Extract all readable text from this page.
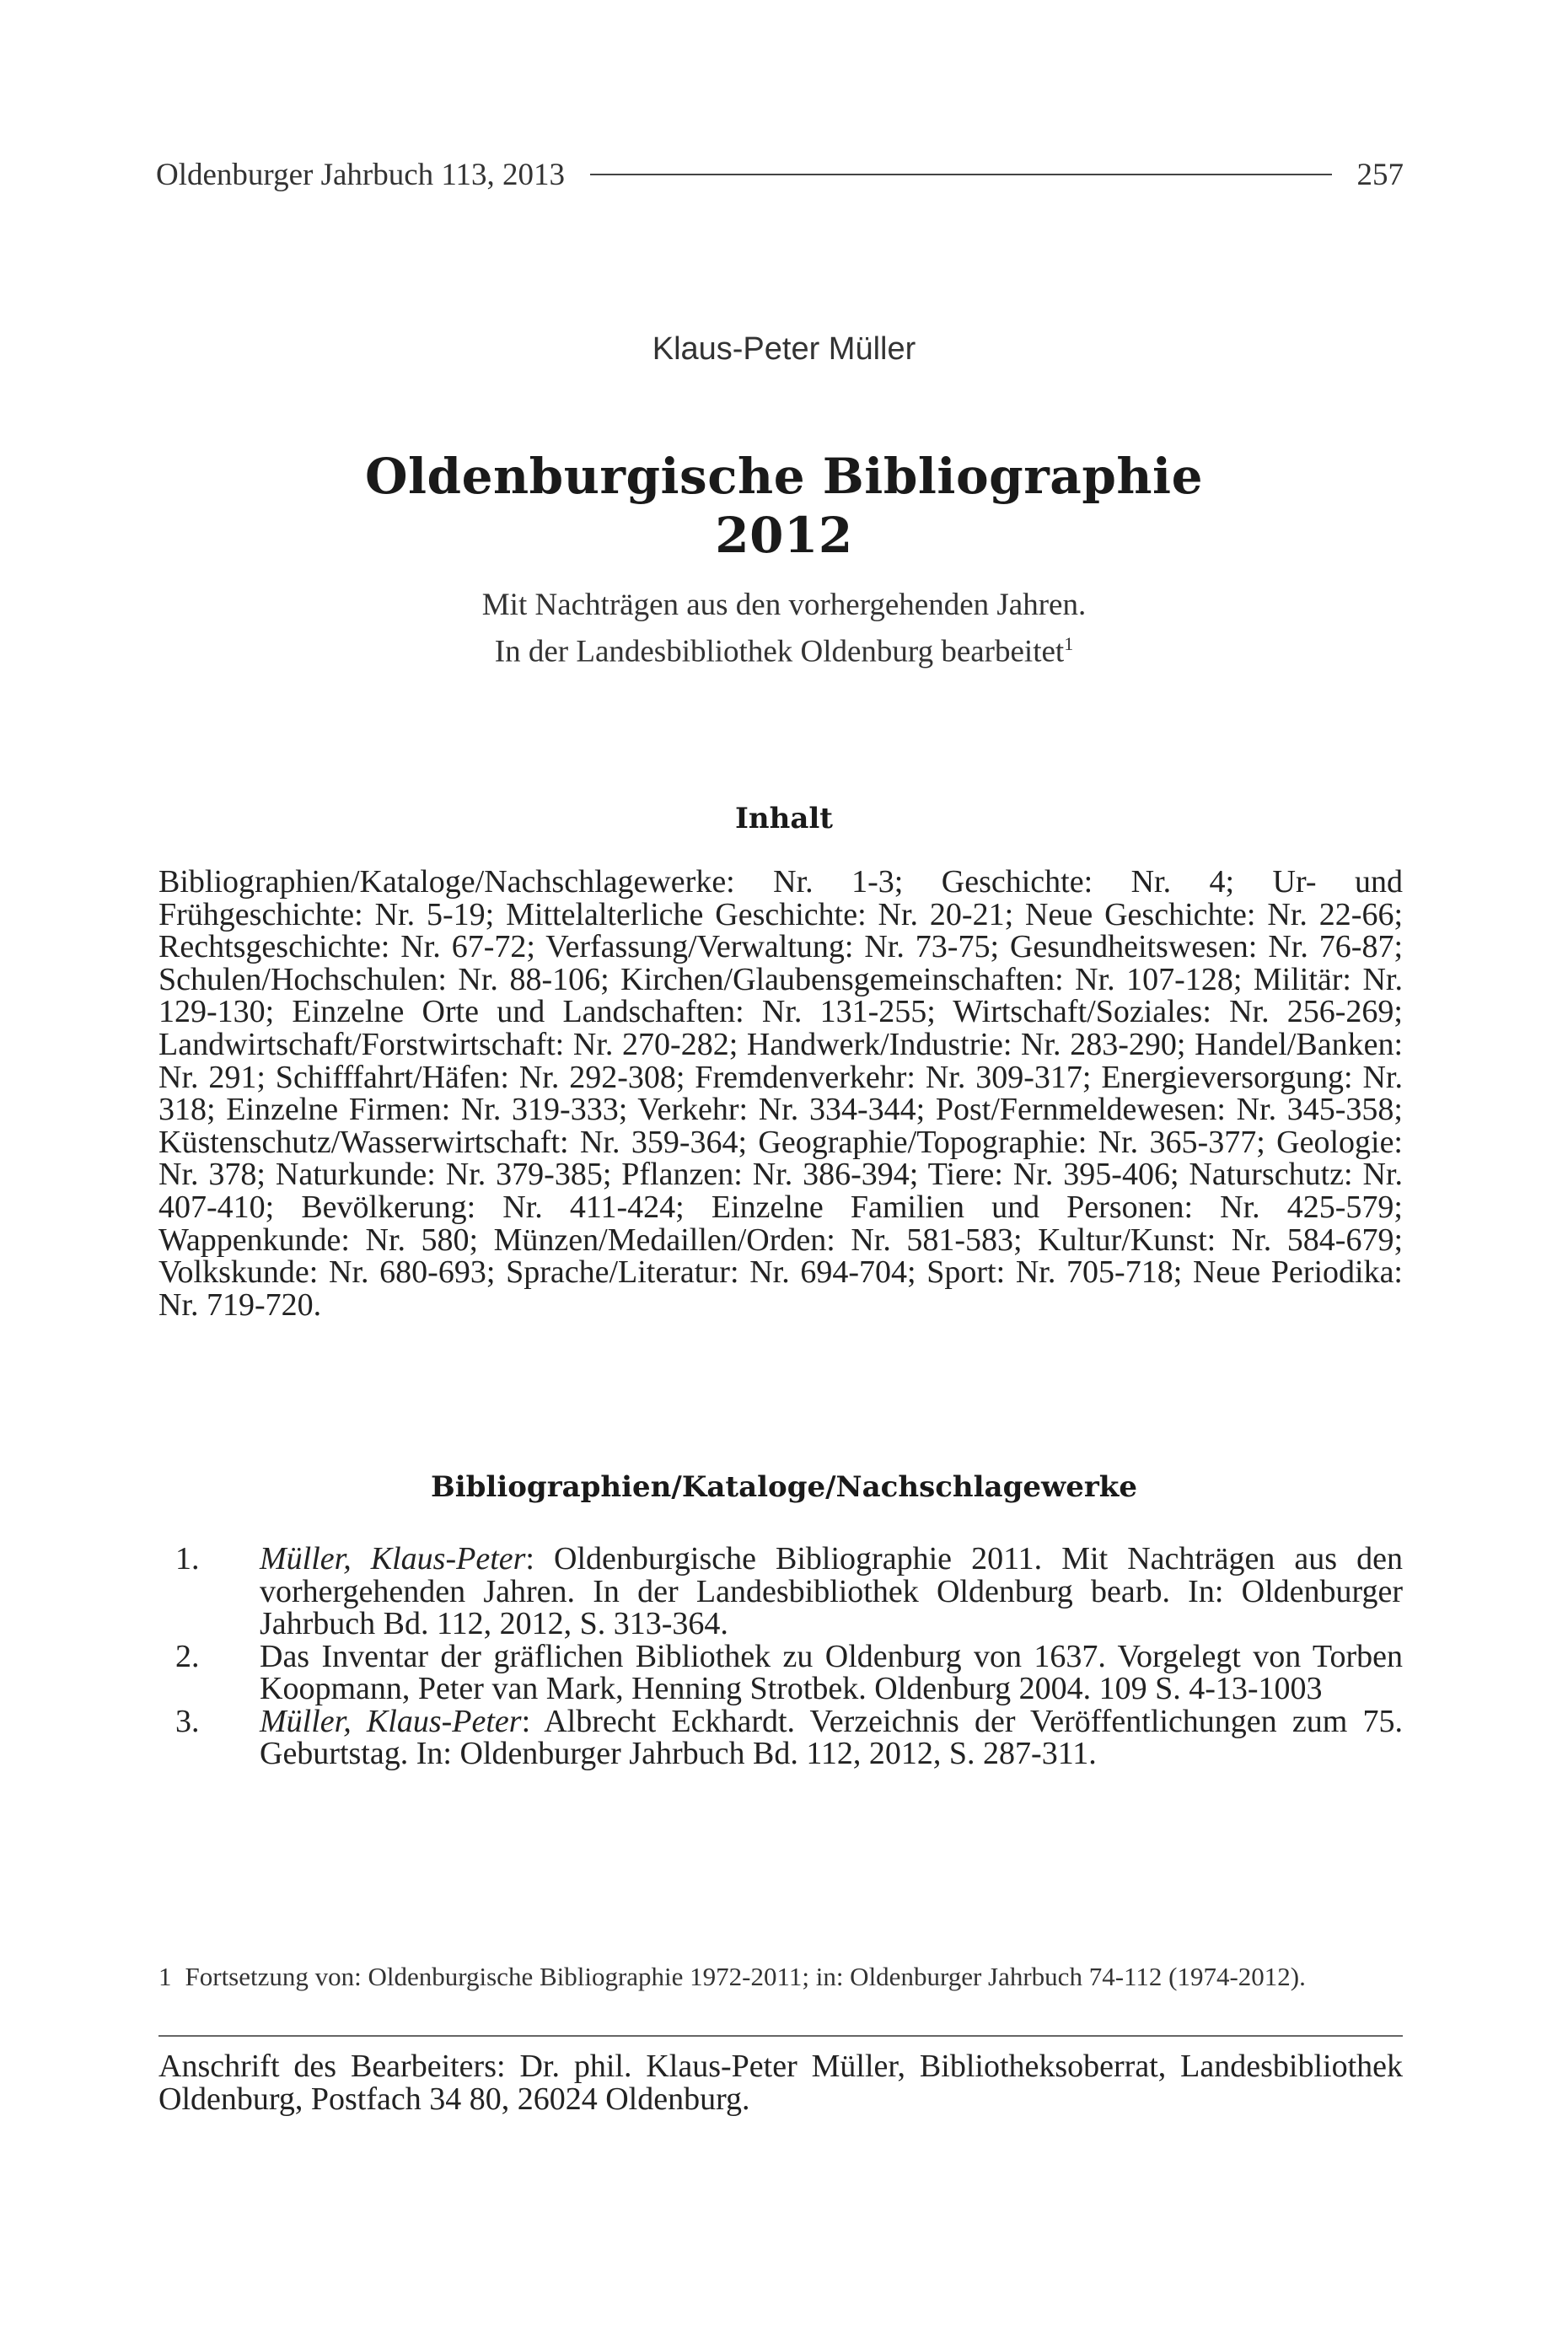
Oldenburger Jahrbuch 113, 2013	257
Klaus-Peter Müller
Oldenburgische Bibliographie
2012
Mit Nachträgen aus den vorhergehenden Jahren.
In der Landesbibliothek Oldenburg bearbeitet$^1$
Inhalt
Bibliographien/Kataloge/Nachschlagewerke: Nr. 1-3; Geschichte: Nr. 4; Ur- und Frühgeschichte: Nr. 5-19; Mittelalterliche Geschichte: Nr. 20-21; Neue Geschichte: Nr. 22-66; Rechtsgeschichte: Nr. 67-72; Verfassung/Verwaltung: Nr. 73-75; Gesundheitswesen: Nr. 76-87; Schulen/Hochschulen: Nr. 88-106; Kirchen/Glaubensgemeinschaften: Nr. 107-128; Militär: Nr. 129-130; Einzelne Orte und Landschaften: Nr. 131-255; Wirtschaft/Soziales: Nr. 256-269; Landwirtschaft/Forstwirtschaft: Nr. 270-282; Handwerk/Industrie: Nr. 283-290; Handel/Banken: Nr. 291; Schifffahrt/Häfen: Nr. 292-308; Fremdenverkehr: Nr. 309-317; Energieversorgung: Nr. 318; Einzelne Firmen: Nr. 319-333; Verkehr: Nr. 334-344; Post/Fernmeldewesen: Nr. 345-358; Küstenschutz/Wasserwirtschaft: Nr. 359-364; Geographie/Topographie: Nr. 365-377; Geologie: Nr. 378; Naturkunde: Nr. 379-385; Pflanzen: Nr. 386-394; Tiere: Nr. 395-406; Naturschutz: Nr. 407-410; Bevölkerung: Nr. 411-424; Einzelne Familien und Personen: Nr. 425-579; Wappenkunde: Nr. 580; Münzen/Medaillen/Orden: Nr. 581-583; Kultur/Kunst: Nr. 584-679; Volkskunde: Nr. 680-693; Sprache/Literatur: Nr. 694-704; Sport: Nr. 705-718; Neue Periodika: Nr. 719-720.
Bibliographien/Kataloge/Nachschlagewerke
1.	Müller, Klaus-Peter: Oldenburgische Bibliographie 2011. Mit Nachträgen aus den vorhergehenden Jahren. In der Landesbibliothek Oldenburg bearb. In: Oldenburger Jahrbuch Bd. 112, 2012, S. 313-364.
2.	Das Inventar der gräflichen Bibliothek zu Oldenburg von 1637. Vorgelegt von Torben Koopmann, Peter van Mark, Henning Strotbek. Oldenburg 2004. 109 S. 4-13-1003
3.	Müller, Klaus-Peter: Albrecht Eckhardt. Verzeichnis der Veröffentlichungen zum 75. Geburtstag. In: Oldenburger Jahrbuch Bd. 112, 2012, S. 287-311.
1 Fortsetzung von: Oldenburgische Bibliographie 1972-2011; in: Oldenburger Jahrbuch 74-112 (1974-2012).
Anschrift des Bearbeiters: Dr. phil. Klaus-Peter Müller, Bibliotheksoberrat, Landesbibliothek Oldenburg, Postfach 34 80, 26024 Oldenburg.
